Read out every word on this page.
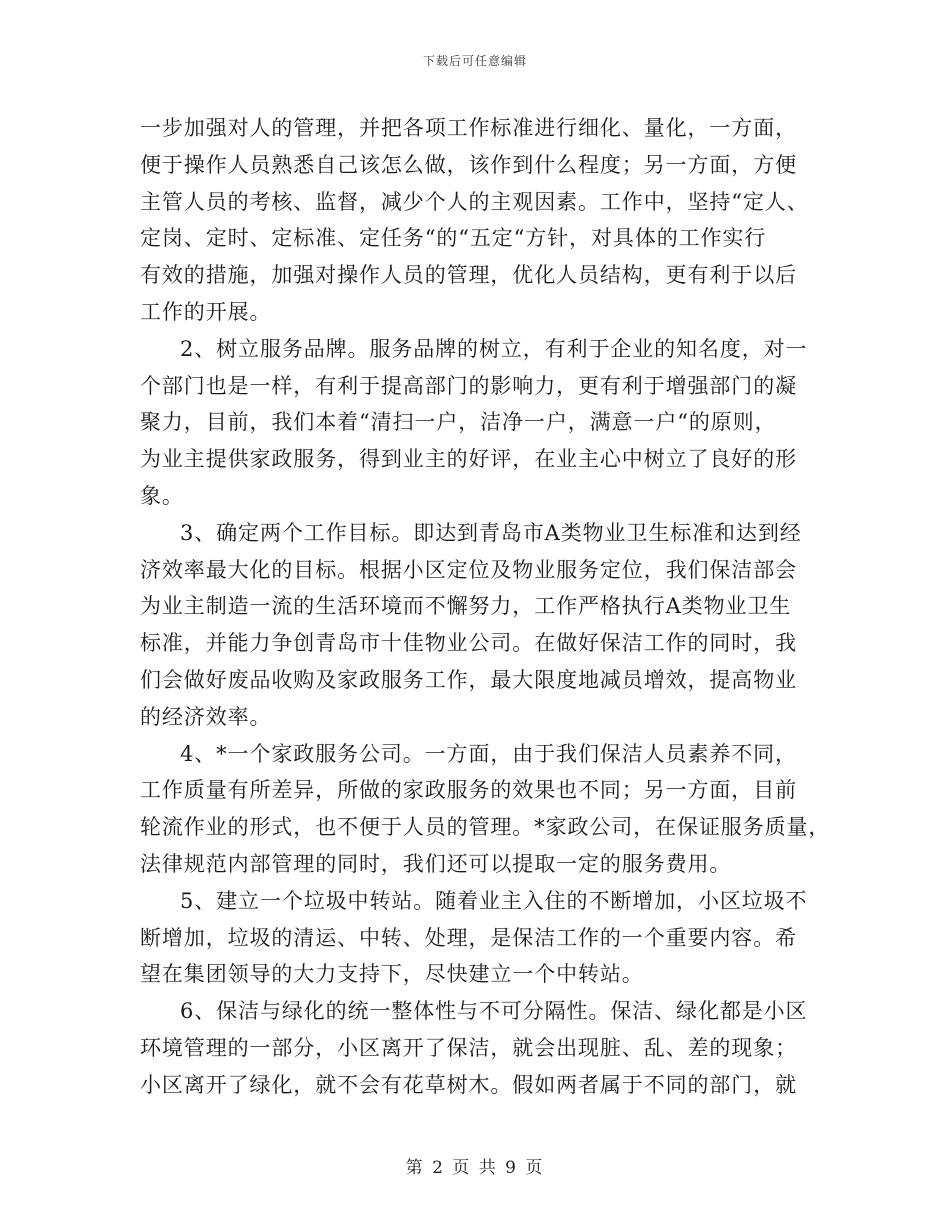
下载后可任意编辑
一步加强对人的管理，并把各项工作标准进行细化、量化，一方面，
便于操作人员熟悉自己该怎么做，该作到什么程度；另一方面，方便
主管人员的考核、监督，减少个人的主观因素。工作中，坚持“定人、
定岗、定时、定标准、定任务“的“五定“方针，对具体的工作实行
有效的措施，加强对操作人员的管理，优化人员结构，更有利于以后
工作的开展。
2、树立服务品牌。服务品牌的树立，有利于企业的知名度，对一
个部门也是一样，有利于提高部门的影响力，更有利于增强部门的凝
聚力，目前，我们本着“清扫一户，洁净一户，满意一户“的原则，
为业主提供家政服务，得到业主的好评，在业主心中树立了良好的形
象。
3、确定两个工作目标。即达到青岛市A类物业卫生标准和达到经
济效率最大化的目标。根据小区定位及物业服务定位，我们保洁部会
为业主制造一流的生活环境而不懈努力，工作严格执行A类物业卫生
标准，并能力争创青岛市十佳物业公司。在做好保洁工作的同时，我
们会做好废品收购及家政服务工作，最大限度地减员增效，提高物业
的经济效率。
4、*一个家政服务公司。一方面，由于我们保洁人员素养不同，
工作质量有所差异，所做的家政服务的效果也不同；另一方面，目前
轮流作业的形式，也不便于人员的管理。*家政公司，在保证服务质量，
法律规范内部管理的同时，我们还可以提取一定的服务费用。
5、建立一个垃圾中转站。随着业主入住的不断增加，小区垃圾不
断增加，垃圾的清运、中转、处理，是保洁工作的一个重要内容。希
望在集团领导的大力支持下，尽快建立一个中转站。
6、保洁与绿化的统一整体性与不可分隔性。保洁、绿化都是小区
环境管理的一部分，小区离开了保洁，就会出现脏、乱、差的现象；
小区离开了绿化，就不会有花草树木。假如两者属于不同的部门，就
第 2 页 共 9 页
